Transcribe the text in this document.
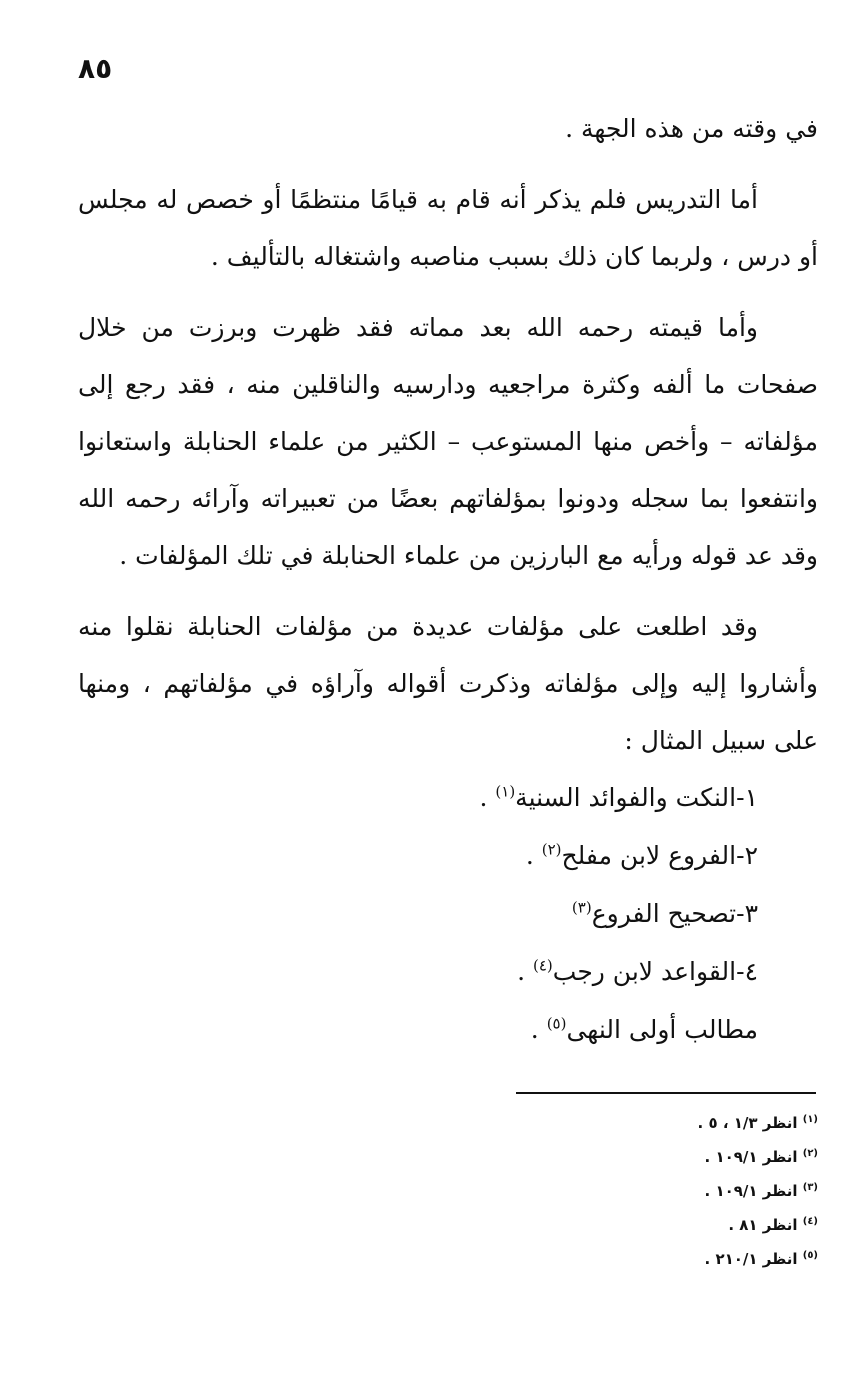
٨٥

في وقته من هذه الجهة .

أما التدريس فلم يذكر أنه قام به قيامًا منتظمًا أو خصص له مجلس أو درس ، ولربما كان ذلك بسبب مناصبه واشتغاله بالتأليف .

وأما قيمته رحمه الله بعد مماته فقد ظهرت وبرزت من خلال صفحات ما ألفه وكثرة مراجعيه ودارسيه والناقلين منه ، فقد رجع إلى مؤلفاته – وأخص منها المستوعب – الكثير من علماء الحنابلة واستعانوا وانتفعوا بما سجله ودونوا بمؤلفاتهم بعضًا من تعبيراته وآرائه رحمه الله وقد عد قوله ورأيه مع البارزين من علماء الحنابلة في تلك المؤلفات .

وقد اطلعت على مؤلفات عديدة من مؤلفات الحنابلة نقلوا منه وأشاروا إليه وإلى مؤلفاته وذكرت أقواله وآراؤه في مؤلفاتهم ، ومنها على سبيل المثال :

١-النكت والفوائد السنية$^{(١)}$ .
٢-الفروع لابن مفلح$^{(٢)}$ .
٣-تصحيح الفروع$^{(٣)}$
٤-القواعد لابن رجب$^{(٤)}$ .
مطالب أولى النهى$^{(٥)}$ .
$^{(١)}$ انظر ١/٣ ، ٥ .
$^{(٢)}$ انظر ١٠٩/١ .
$^{(٣)}$ انظر ١٠٩/١ .
$^{(٤)}$ انظر ٨١ .
$^{(٥)}$ انظر ٢١٠/١ .
